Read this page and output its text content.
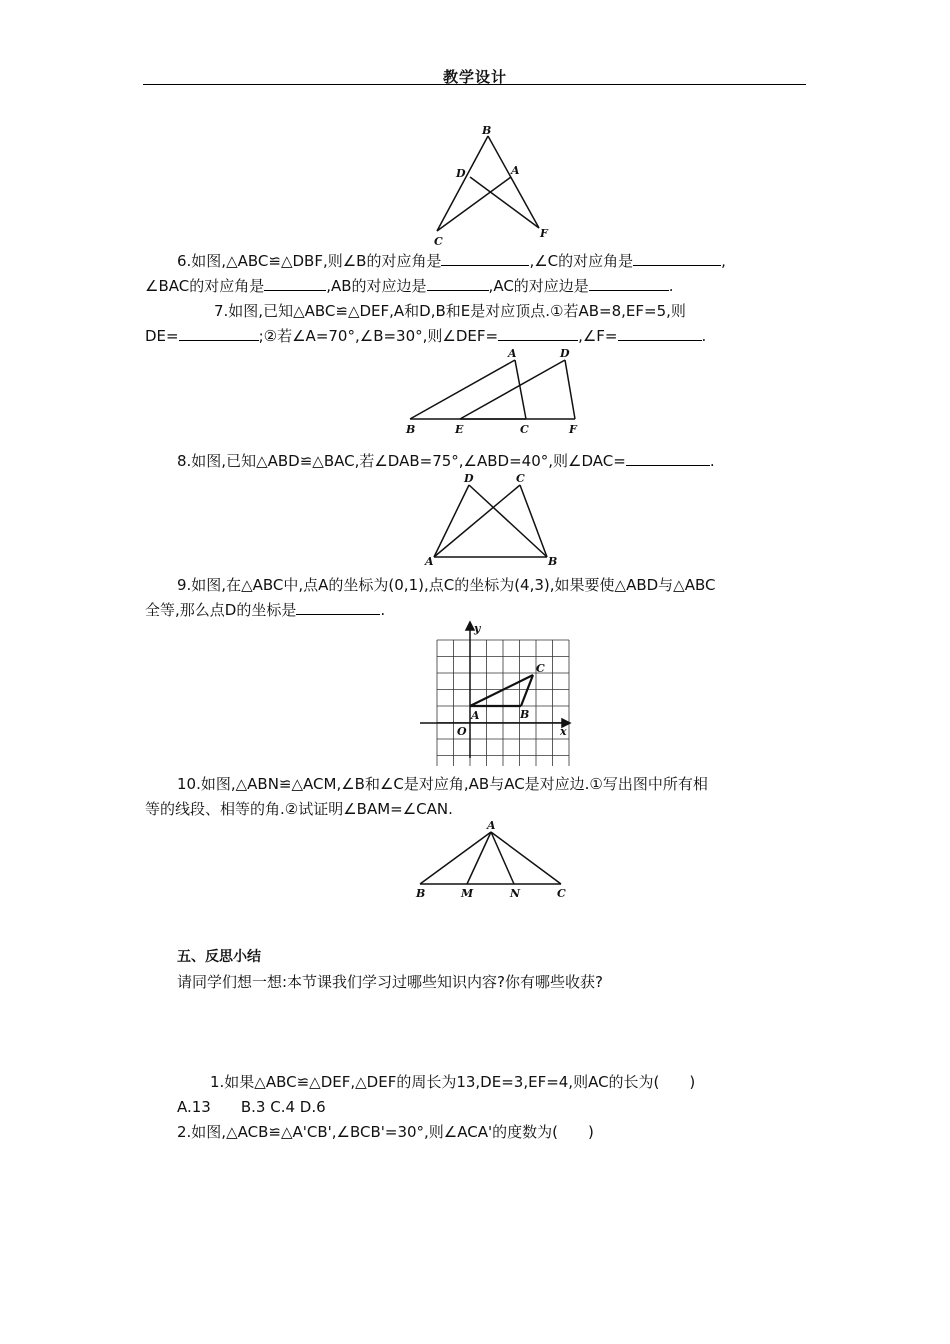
教学设计
B
D	A
C
F
6.如图,△ABC≌△DBF,则∠B的对应角是	,∠C的对应角是	,
∠BAC的对应角是	,AB的对应边是	,AC的对应边是	.
7.如图,已知△ABC≌△DEF,A和D,B和E是对应顶点.①若AB=8,EF=5,则
DE=	;②若∠A=70°,∠B=30°,则∠DEF=	,∠F=	.
A	D
B	E	C	F
8.如图,已知△ABD≌△BAC,若∠DAB=75°,∠ABD=40°,则∠DAC=	.
D	C
A	B
9.如图,在△ABC中,点A的坐标为(0,1),点C的坐标为(4,3),如果要使△ABD与△ABC
全等,那么点D的坐标是	.
y
C
A	B
O	x
10.如图,△ABN≌△ACM,∠B和∠C是对应角,AB与AC是对应边.①写出图中所有相
等的线段、相等的角.②试证明∠BAM=∠CAN.
A
B	M	N	C
五、反思小结
请同学们想一想:本节课我们学习过哪些知识内容?你有哪些收获?
1.如果△ABC≌△DEF,△DEF的周长为13,DE=3,EF=4,则AC的长为(　　)
A.13　　B.3 C.4 D.6
2.如图,△ACB≌△A'CB',∠BCB'=30°,则∠ACA'的度数为(　　)
